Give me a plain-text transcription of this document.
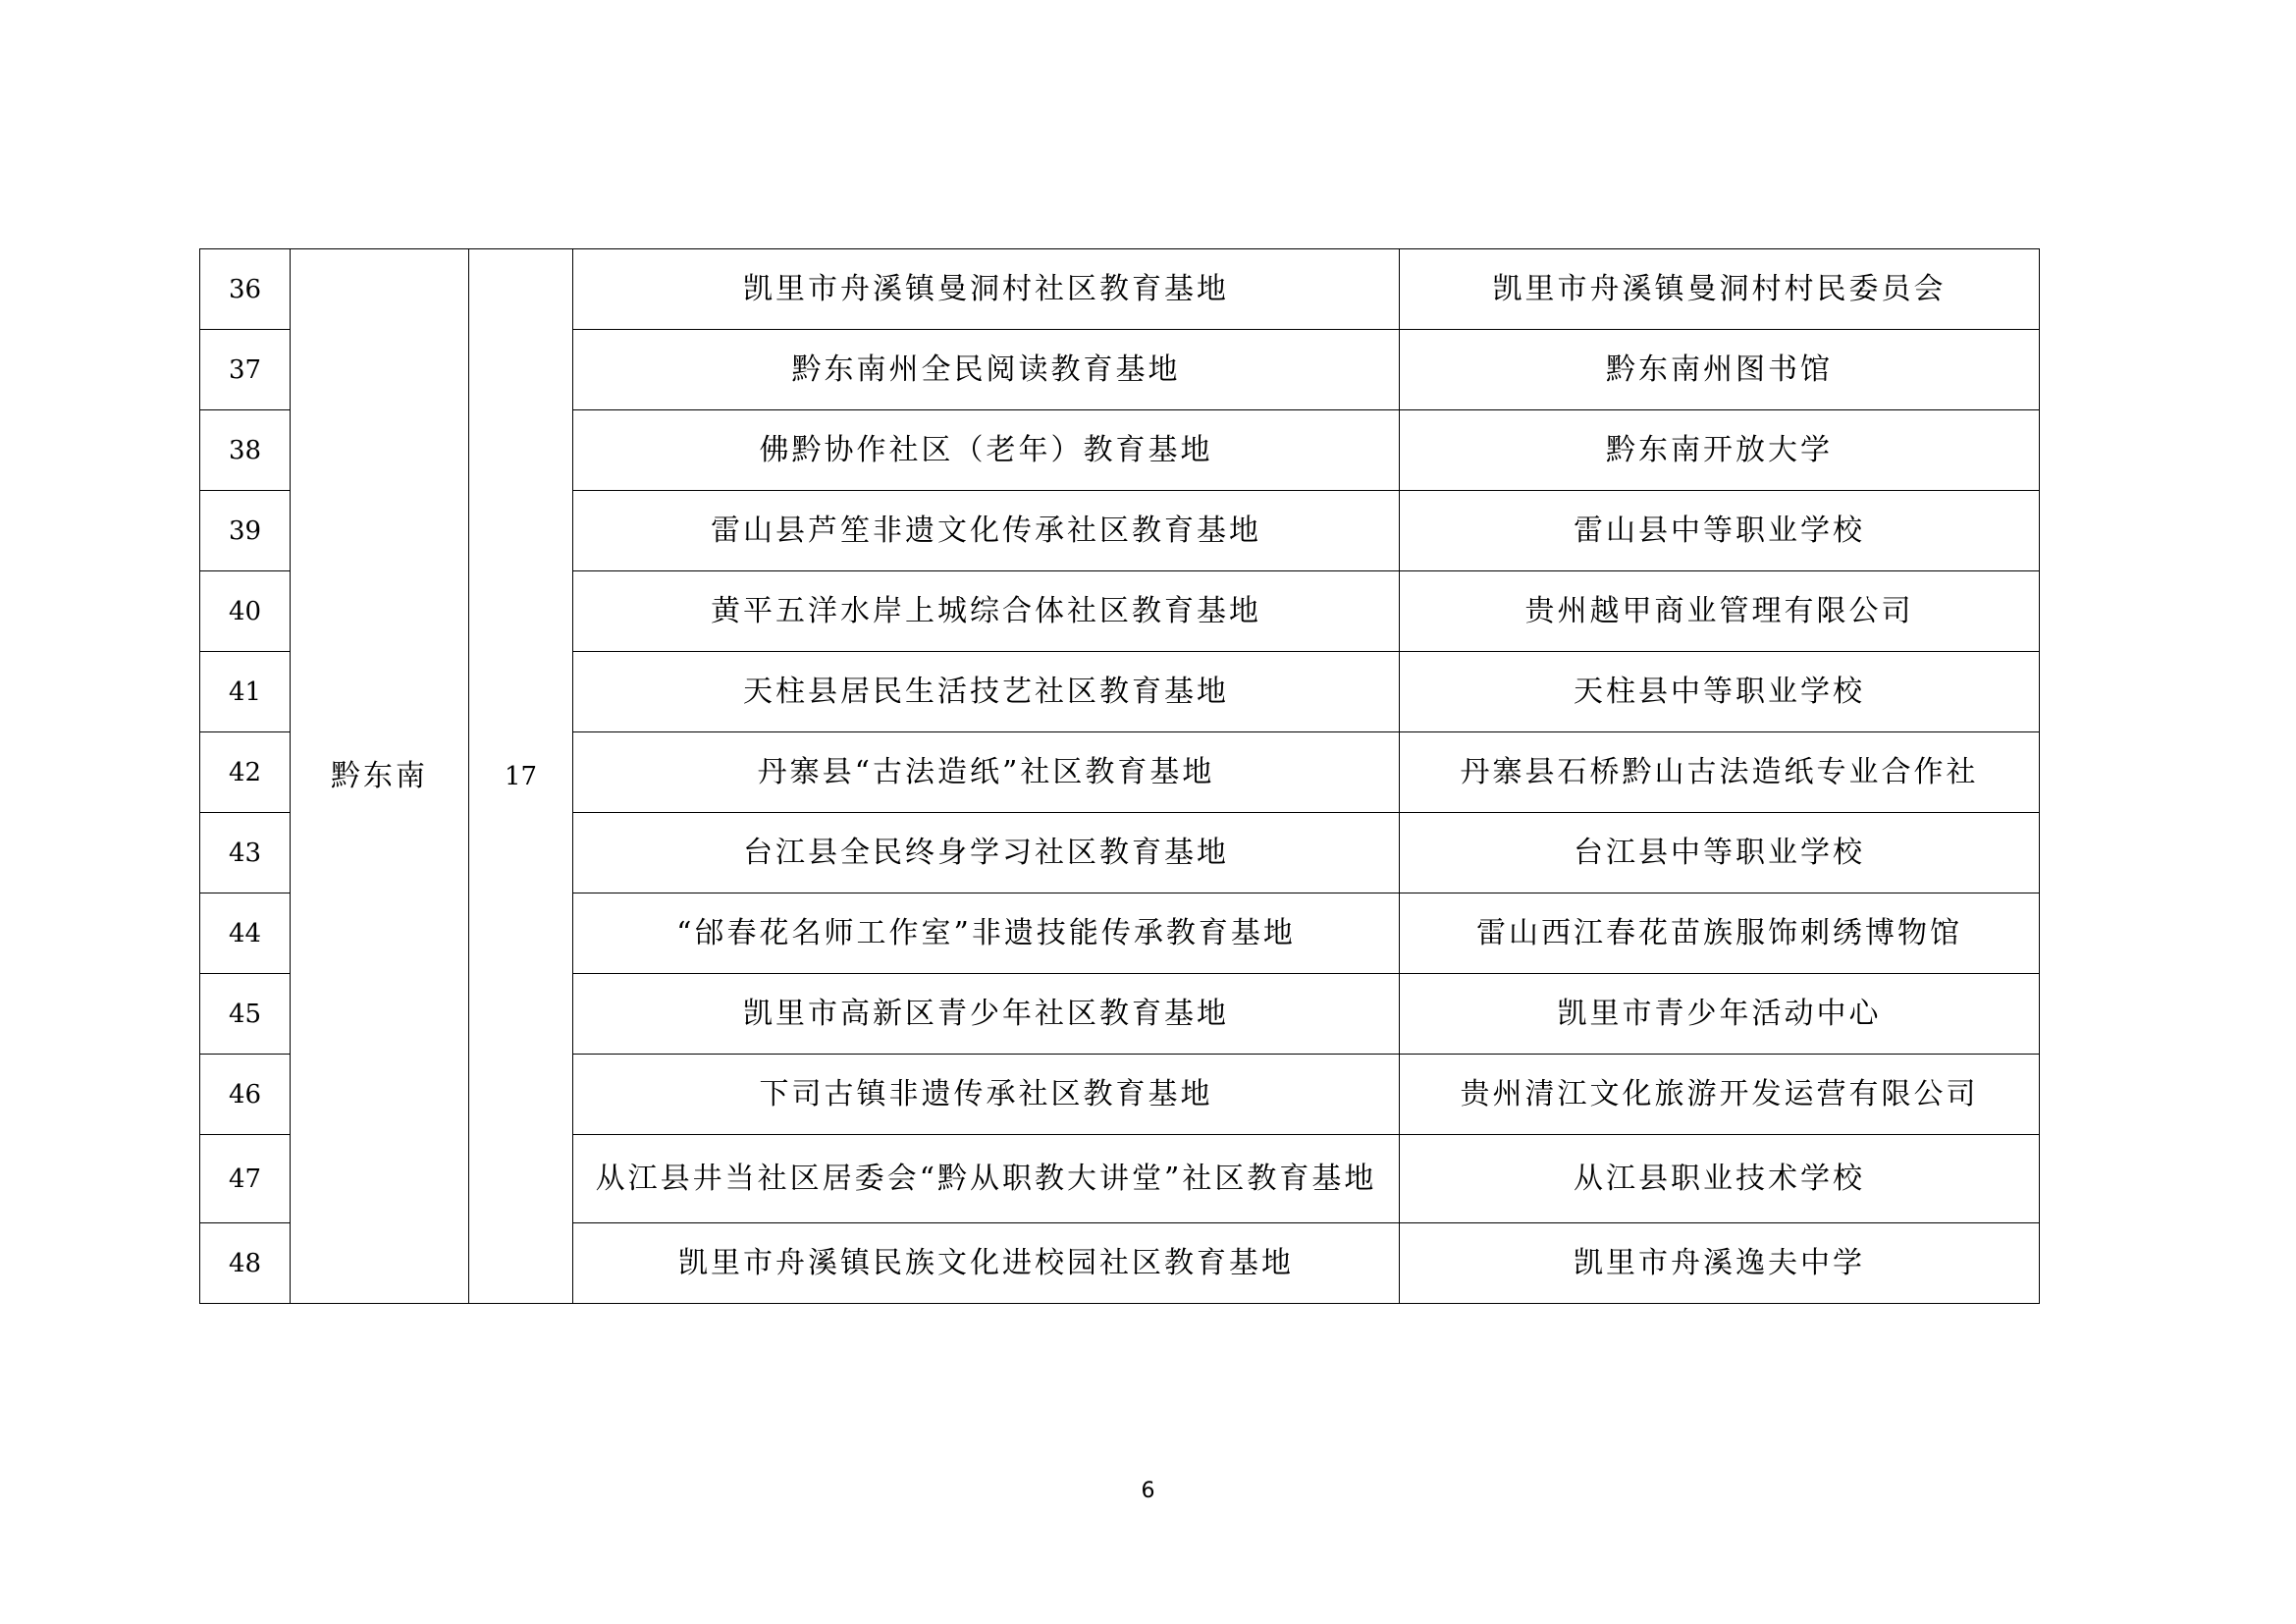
36	黔东南	17	凯里市舟溪镇曼洞村社区教育基地	凯里市舟溪镇曼洞村村民委员会
37			黔东南州全民阅读教育基地	黔东南州图书馆
38			佛黔协作社区（老年）教育基地	黔东南开放大学
39			雷山县芦笙非遗文化传承社区教育基地	雷山县中等职业学校
40			黄平五洋水岸上城综合体社区教育基地	贵州越甲商业管理有限公司
41			天柱县居民生活技艺社区教育基地	天柱县中等职业学校
42			丹寨县“古法造纸”社区教育基地	丹寨县石桥黔山古法造纸专业合作社
43			台江县全民终身学习社区教育基地	台江县中等职业学校
44			“邰春花名师工作室”非遗技能传承教育基地	雷山西江春花苗族服饰刺绣博物馆
45			凯里市高新区青少年社区教育基地	凯里市青少年活动中心
46			下司古镇非遗传承社区教育基地	贵州清江文化旅游开发运营有限公司
47			从江县井当社区居委会“黔从职教大讲堂”社区教育基地	从江县职业技术学校
48			凯里市舟溪镇民族文化进校园社区教育基地	凯里市舟溪逸夫中学
6
